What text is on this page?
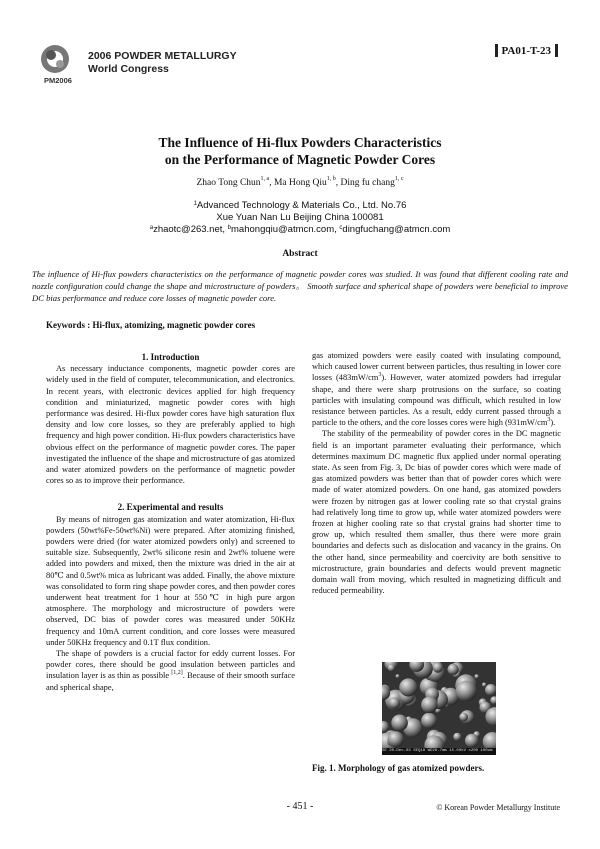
PM2006
2006 POWDER METALLURGY
World Congress
PA01-T-23
The Influence of Hi-flux Powders Characteristics
on the Performance of Magnetic Powder Cores
Zhao Tong Chun$^{1, a}$, Ma Hong Qiu$^{1, b}$, Ding fu chang$^{1, c}$
$^1$Advanced Technology & Materials Co., Ltd. No.76
Xue Yuan Nan Lu Beijing China 100081
$^a$zhaotc@263.net, $^b$mahongqiu@atmcn.com, $^c$dingfuchang@atmcn.com
Abstract
The influence of Hi-flux powders characteristics on the performance of magnetic powder cores was studied. It was found that different cooling rate and nozzle configuration could change the shape and microstructure of powders。 Smooth surface and spherical shape of powders were beneficial to improve DC bias performance and reduce core losses of magnetic powder core.
Keywords : Hi-flux, atomizing, magnetic powder cores

1. Introduction

As necessary inductance components, magnetic powder cores are widely used in the field of computer, telecommunication, and electronics. In recent years, with electronic devices applied for high frequency condition and miniaturized, magnetic powder cores with high performance was desired. Hi-flux powder cores have high saturation flux density and low core losses, so they are preferably applied to high frequency and high power condition. Hi-flux powders characteristics have obvious effect on the performance of magnetic powder cores. The paper investigated the influence of the shape and microstructure of gas atomized and water atomized powders on the performance of magnetic powder cores so as to improve their performance.

2. Experimental and results

By means of nitrogen gas atomization and water atomization, Hi-flux powders (50wt%Fe-50wt%Ni) were prepared. After atomizing finished, powders were dried (for water atomized powders only) and screened to suitable size. Subsequently, 2wt% silicone resin and 2wt% toluene were added into powders and mixed, then the mixture was dried in the air at 80℃ and 0.5wt% mica as lubricant was added. Finally, the above mixture was consolidated to form ring shape powder cores, and then powder cores underwent heat treatment for 1 hour at 550℃ in high pure argon atmosphere. The morphology and microstructure of powders were observed, DC bias of powder cores was measured under 50KHz frequency and 10mA current condition, and core losses were measured under 50KHz frequency and 0.1T flux condition.

The shape of powders is a crucial factor for eddy current losses. For powder cores, there should be good insulation between particles and insulation layer is as thin as possible [1,2]. Because of their smooth surface and spherical shape,

gas atomized powders were easily coated with insulating compound, which caused lower current between particles, thus resulting in lower core losses $(483mW/cm^3)$. However, water atomized powders had irregular shape, and there were sharp protrusions on the surface, so coating particles with insulating compound was difficult, which resulted in low resistance between particles. As a result, eddy current passed through a particle to the others, and the core losses cores were high $(931mW/cm^3)$.

The stability of the permeability of powder cores in the DC magnetic field is an important parameter evaluating their performance, which determines maximum DC magnetic flux applied under normal operating state. As seen from Fig. 3, Dc bias of powder cores which were made of gas atomized powders was better than that of powder cores which were made of water atomized powders. On one hand, gas atomized powders were frozen by nitrogen gas at lower cooling rate so that crystal grains had relatively long time to grow up, while water atomized powders were frozen at higher cooling rate so that crystal grains had shorter time to grow up, which resulted them smaller, thus there were more grain boundaries and defects such as dislocation and vacancy in the grains. On the other hand, since permeability and coercivity are both sensitive to microstructure, grain boundaries and defects would prevent magnetic domain wall from moving, which resulted in magnetizing difficult and reduced permeability.

SE 20-Dec-03 SEQ18 WD20.7mm 15.00kV x200 100um
Fig. 1. Morphology of gas atomized powders.
- 451 -	© Korean Powder Metallurgy Institute
